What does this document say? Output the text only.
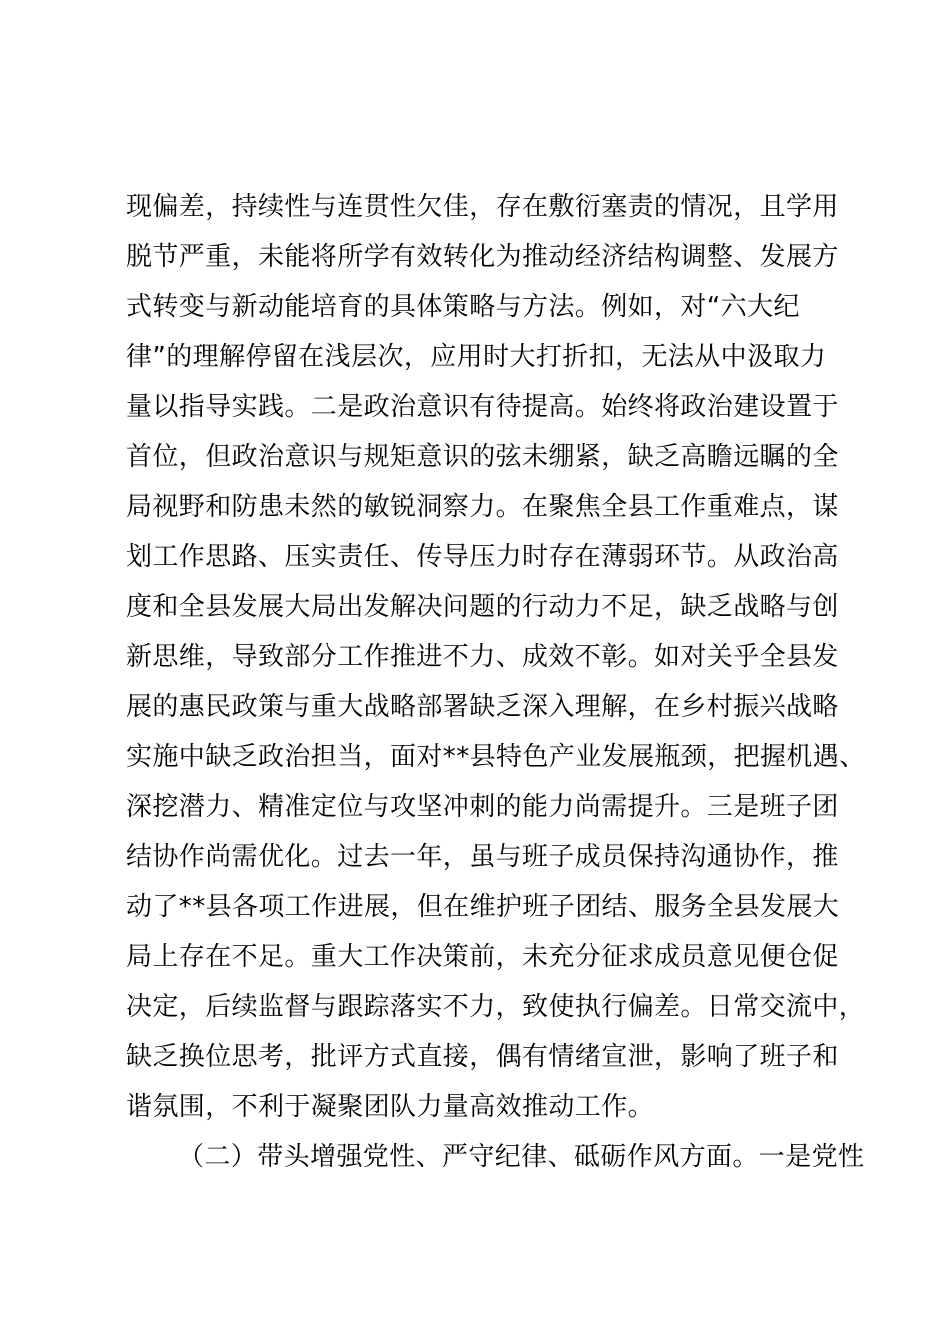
现偏差，持续性与连贯性欠佳，存在敷衍塞责的情况，且学用
脱节严重，未能将所学有效转化为推动经济结构调整、发展方
式转变与新动能培育的具体策略与方法。例如，对“六大纪
律”的理解停留在浅层次，应用时大打折扣，无法从中汲取力
量以指导实践。二是政治意识有待提高。始终将政治建设置于
首位，但政治意识与规矩意识的弦未绷紧，缺乏高瞻远瞩的全
局视野和防患未然的敏锐洞察力。在聚焦全县工作重难点，谋
划工作思路、压实责任、传导压力时存在薄弱环节。从政治高
度和全县发展大局出发解决问题的行动力不足，缺乏战略与创
新思维，导致部分工作推进不力、成效不彰。如对关乎全县发
展的惠民政策与重大战略部署缺乏深入理解，在乡村振兴战略
实施中缺乏政治担当，面对**县特色产业发展瓶颈，把握机遇、
深挖潜力、精准定位与攻坚冲刺的能力尚需提升。三是班子团
结协作尚需优化。过去一年，虽与班子成员保持沟通协作，推
动了**县各项工作进展，但在维护班子团结、服务全县发展大
局上存在不足。重大工作决策前，未充分征求成员意见便仓促
决定，后续监督与跟踪落实不力，致使执行偏差。日常交流中，
缺乏换位思考，批评方式直接，偶有情绪宣泄，影响了班子和
谐氛围，不利于凝聚团队力量高效推动工作。
（二）带头增强党性、严守纪律、砥砺作风方面。一是党性
